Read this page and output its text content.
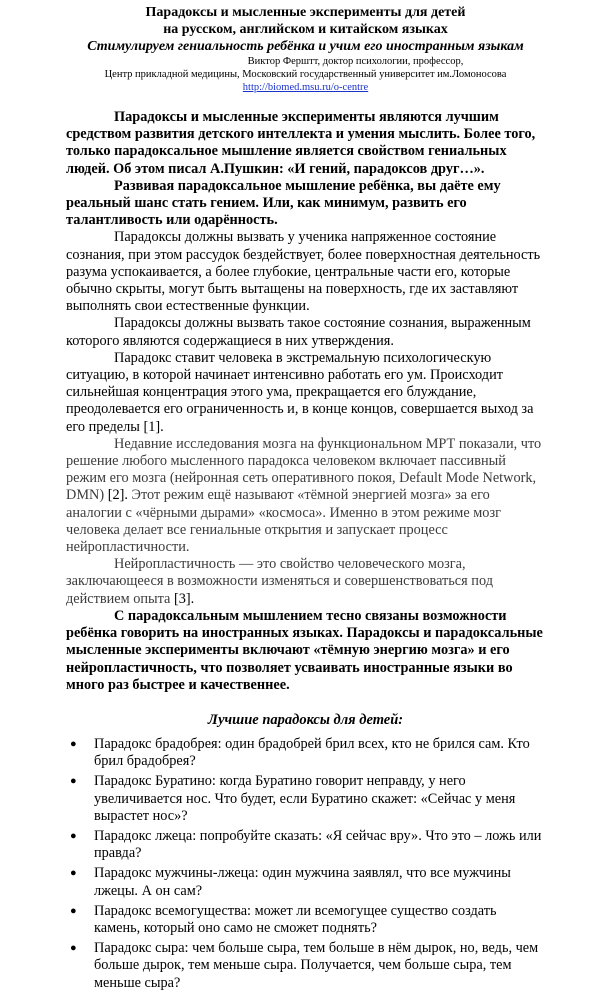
Парадоксы и мысленные эксперименты для детей
на русском, английском и китайском языках
Стимулируем гениальность ребёнка и учим его иностранным языкам
Виктор Ферштт, доктор психологии, профессор,
Центр прикладной медицины, Московский государственный университет им.Ломоносова
http://biomed.msu.ru/o-centre

Парадоксы и мысленные эксперименты являются лучшим средством развития детского интеллекта и умения мыслить. Более того, только парадоксальное мышление является свойством гениальных людей. Об этом писал А.Пушкин: «И гений, парадоксов друг…».

Развивая парадоксальное мышление ребёнка, вы даёте ему реальный шанс стать гением. Или, как минимум, развить его талантливость или одарённость.

Парадоксы должны вызвать у ученика напряженное состояние сознания, при этом рассудок бездействует, более поверхностная деятельность разума успокаивается, а более глубокие, центральные части его, которые обычно скрыты, могут быть вытащены на поверхность, где их заставляют выполнять свои естественные функции.

Парадоксы должны вызвать такое состояние сознания, выраженным которого являются содержащиеся в них утверждения.

Парадокс ставит человека в экстремальную психологическую ситуацию, в которой начинает интенсивно работать его ум. Происходит сильнейшая концентрация этого ума, прекращается его блуждание, преодолевается его ограниченность и, в конце концов, совершается выход за его пределы [1].

Недавние исследования мозга на функциональном МРТ показали, что решение любого мысленного парадокса человеком включает пассивный режим его мозга (нейронная сеть оперативного покоя, Default Mode Network, DMN) [2]. Этот режим ещё называют «тёмной энергией мозга» за его аналогии с «чёрными дырами» «космоса». Именно в этом режиме мозг человека делает все гениальные открытия и запускает процесс нейропластичности.

Нейропластичность — это свойство человеческого мозга, заключающееся в возможности изменяться и совершенствоваться под действием опыта [3].

С парадоксальным мышлением тесно связаны возможности ребёнка говорить на иностранных языках. Парадоксы и парадоксальные мысленные эксперименты включают «тёмную энергию мозга» и его нейропластичность, что позволяет усваивать иностранные языки во много раз быстрее и качественнее.

Лучшие парадоксы для детей:
● Парадокс брадобрея: один брадобрей брил всех, кто не брился сам. Кто брил брадобрея?
● Парадокс Буратино: когда Буратино говорит неправду, у него увеличивается нос. Что будет, если Буратино скажет: «Сейчас у меня вырастет нос»?
● Парадокс лжеца: попробуйте сказать: «Я сейчас вру». Что это – ложь или правда?
● Парадокс мужчины-лжеца: один мужчина заявлял, что все мужчины лжецы. А он сам?
● Парадокс всемогущества: может ли всемогущее существо создать камень, который оно само не сможет поднять?
● Парадокс сыра: чем больше сыра, тем больше в нём дырок, но, ведь, чем больше дырок, тем меньше сыра. Получается, чем больше сыра, тем меньше сыра?
